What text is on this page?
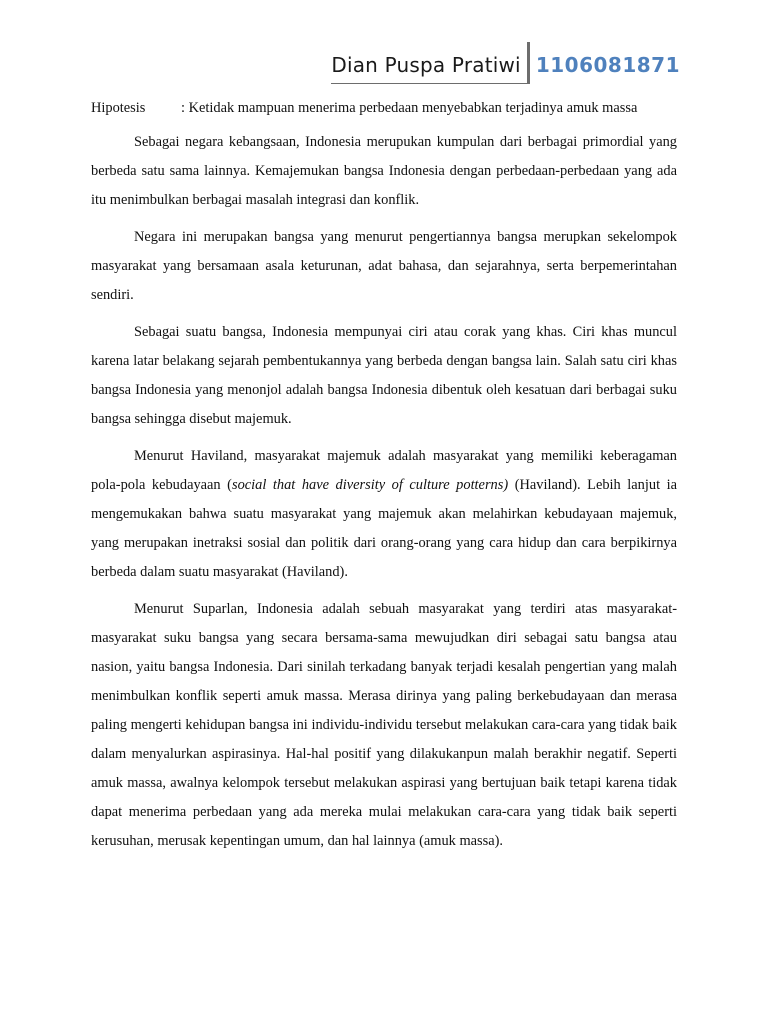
Dian Puspa Pratiwi 1106081871
Hipotesis	: Ketidak mampuan menerima perbedaan menyebabkan terjadinya amuk massa

Sebagai negara kebangsaan, Indonesia merupukan kumpulan dari berbagai primordial yang berbeda satu sama lainnya. Kemajemukan bangsa Indonesia dengan perbedaan-perbedaan yang ada itu menimbulkan berbagai masalah integrasi dan konflik.

Negara ini merupakan bangsa yang menurut pengertiannya bangsa merupkan sekelompok masyarakat yang bersamaan asala keturunan, adat bahasa, dan sejarahnya, serta berpemerintahan sendiri.

Sebagai suatu bangsa, Indonesia mempunyai ciri atau corak yang khas. Ciri khas muncul karena latar belakang sejarah pembentukannya yang berbeda dengan bangsa lain. Salah satu ciri khas bangsa Indonesia yang menonjol adalah bangsa Indonesia dibentuk oleh kesatuan dari berbagai suku bangsa sehingga disebut majemuk.

Menurut Haviland, masyarakat majemuk adalah masyarakat yang memiliki keberagaman pola-pola kebudayaan (social that have diversity of culture potterns) (Haviland). Lebih lanjut ia mengemukakan bahwa suatu masyarakat yang majemuk akan melahirkan kebudayaan majemuk, yang merupakan inetraksi sosial dan politik dari orang-orang yang cara hidup dan cara berpikirnya berbeda dalam suatu masyarakat (Haviland).

Menurut Suparlan, Indonesia adalah sebuah masyarakat yang terdiri atas masyarakat-masyarakat suku bangsa yang secara bersama-sama mewujudkan diri sebagai satu bangsa atau nasion, yaitu bangsa Indonesia. Dari sinilah terkadang banyak terjadi kesalah pengertian yang malah menimbulkan konflik seperti amuk massa. Merasa dirinya yang paling berkebudayaan dan merasa paling mengerti kehidupan bangsa ini individu-individu tersebut melakukan cara-cara yang tidak baik dalam menyalurkan aspirasinya. Hal-hal positif yang dilakukanpun malah berakhir negatif. Seperti amuk massa, awalnya kelompok tersebut melakukan aspirasi yang bertujuan baik tetapi karena tidak dapat menerima perbedaan yang ada mereka mulai melakukan cara-cara yang tidak baik seperti kerusuhan, merusak kepentingan umum, dan hal lainnya (amuk massa).
